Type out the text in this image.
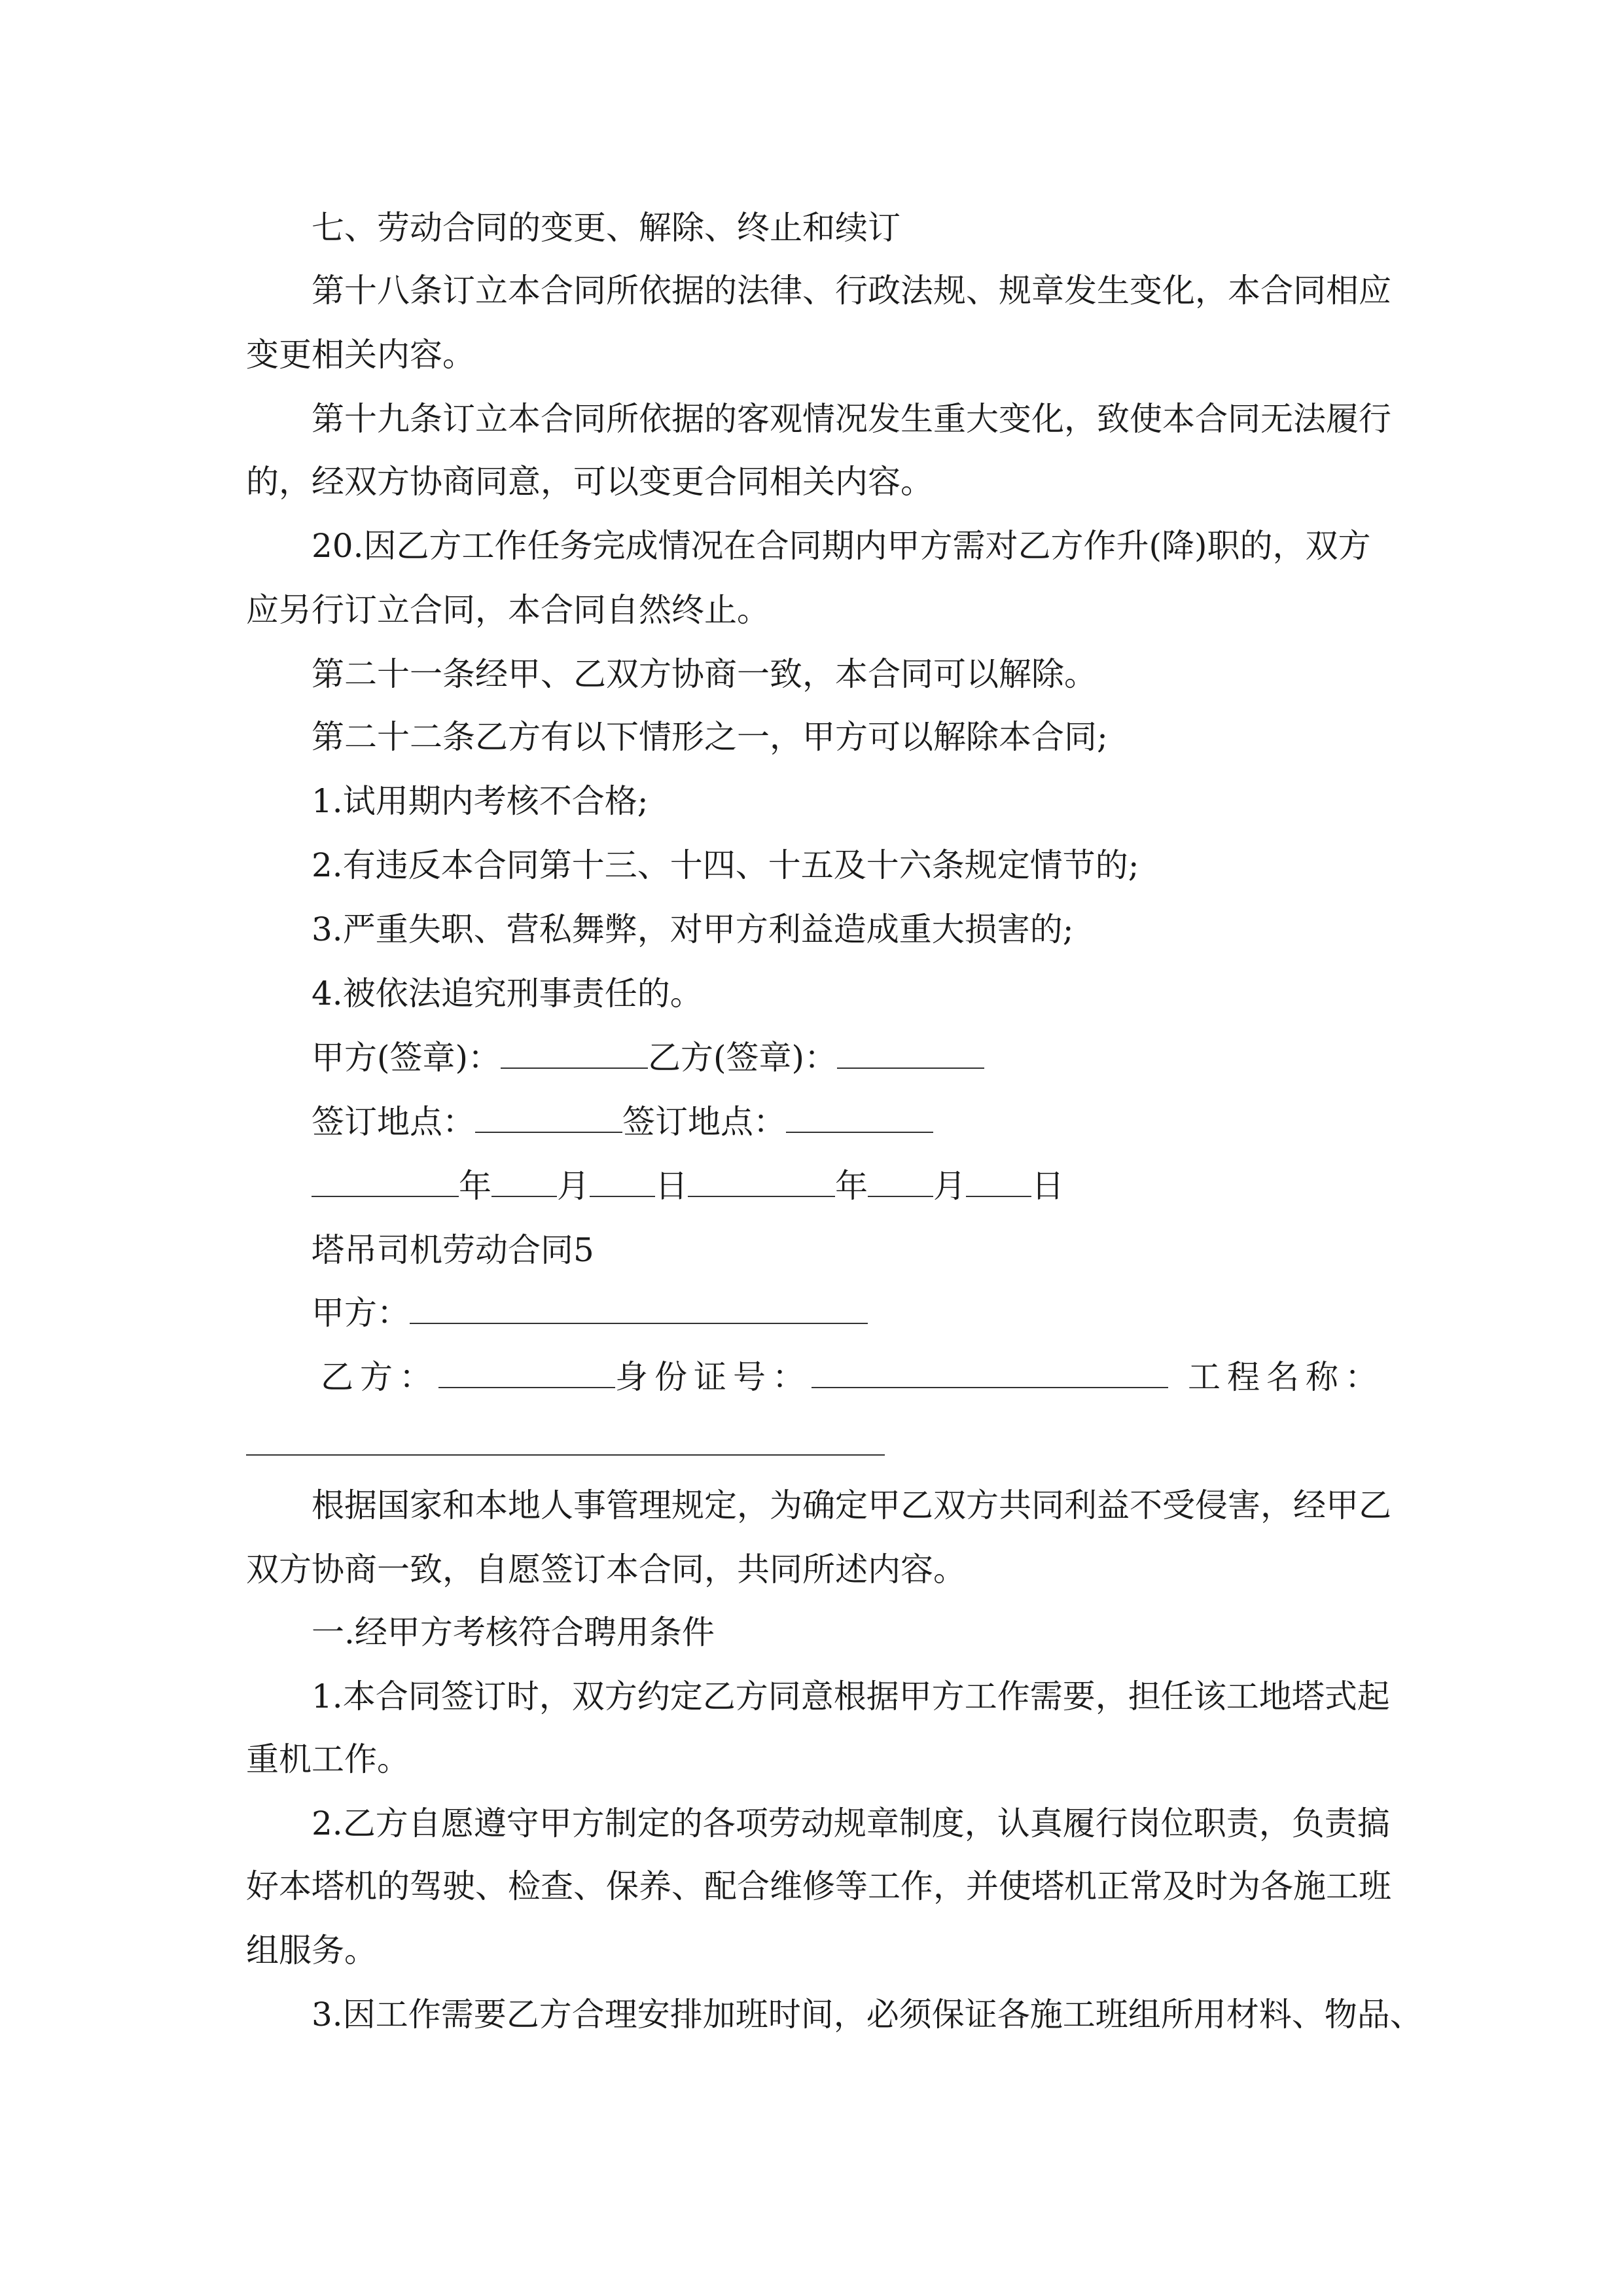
七、劳动合同的变更、解除、终止和续订
第十八条订立本合同所依据的法律、行政法规、规章发生变化，本合同相应
变更相关内容。
第十九条订立本合同所依据的客观情况发生重大变化，致使本合同无法履行
的，经双方协商同意，可以变更合同相关内容。
20.因乙方工作任务完成情况在合同期内甲方需对乙方作升(降)职的，双方
应另行订立合同，本合同自然终止。
第二十一条经甲、乙双方协商一致，本合同可以解除。
第二十二条乙方有以下情形之一，甲方可以解除本合同;
1.试用期内考核不合格;
2.有违反本合同第十三、十四、十五及十六条规定情节的;
3.严重失职、营私舞弊，对甲方利益造成重大损害的;
4.被依法追究刑事责任的。
甲方(签章)：	乙方(签章)：
签订地点：	签订地点：
年 月 日	年 月 日
塔吊司机劳动合同5
甲方：
乙方：	身份证号：	工程名称：
根据国家和本地人事管理规定，为确定甲乙双方共同利益不受侵害，经甲乙
双方协商一致，自愿签订本合同，共同所述内容。
一.经甲方考核符合聘用条件
1.本合同签订时，双方约定乙方同意根据甲方工作需要，担任该工地塔式起
重机工作。
2.乙方自愿遵守甲方制定的各项劳动规章制度，认真履行岗位职责，负责搞
好本塔机的驾驶、检查、保养、配合维修等工作，并使塔机正常及时为各施工班
组服务。
3.因工作需要乙方合理安排加班时间，必须保证各施工班组所用材料、物品、
